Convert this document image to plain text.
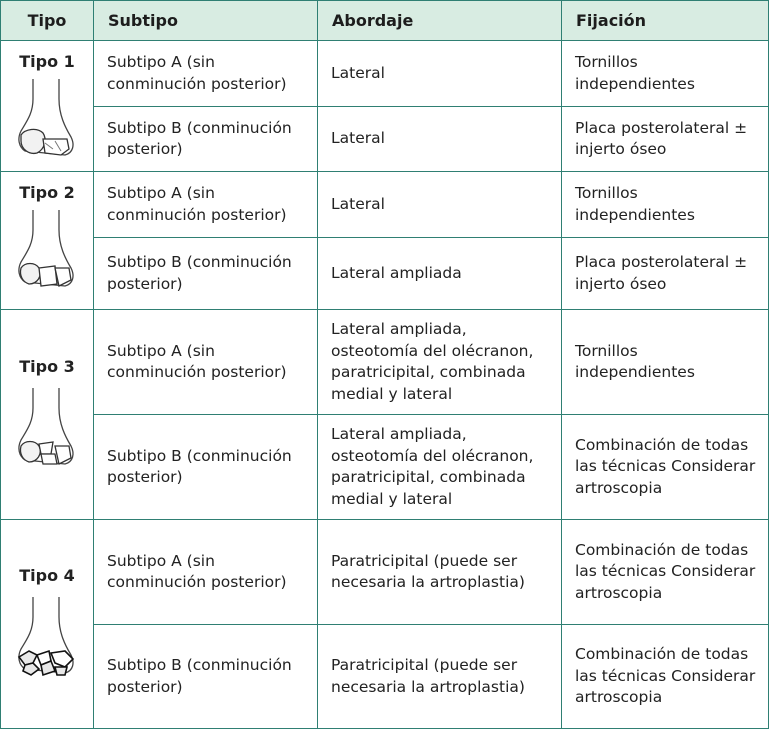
Tipo	Subtipo	Abordaje	Fijación

Tipo 1	Subtipo A (sin conminución posterior)	Lateral	Tornillos independientes
	Subtipo B (conminución posterior)	Lateral	Placa posterolateral ± injerto óseo

Tipo 2	Subtipo A (sin conminución posterior)	Lateral	Tornillos independientes
	Subtipo B (conminución posterior)	Lateral ampliada	Placa posterolateral ± injerto óseo

Tipo 3	Subtipo A (sin conminución posterior)	Lateral ampliada, osteotomía del olécranon, paratricipital, combinada medial y lateral	Tornillos independientes
	Subtipo B (conminución posterior)	Lateral ampliada, osteotomía del olécranon, paratricipital, combinada medial y lateral	Combinación de todas las técnicas Considerar artroscopia

Tipo 4	Subtipo A (sin conminución posterior)	Paratricipital (puede ser necesaria la artroplastia)	Combinación de todas las técnicas Considerar artroscopia
	Subtipo B (conminución posterior)	Paratricipital (puede ser necesaria la artroplastia)	Combinación de todas las técnicas Considerar artroscopia
